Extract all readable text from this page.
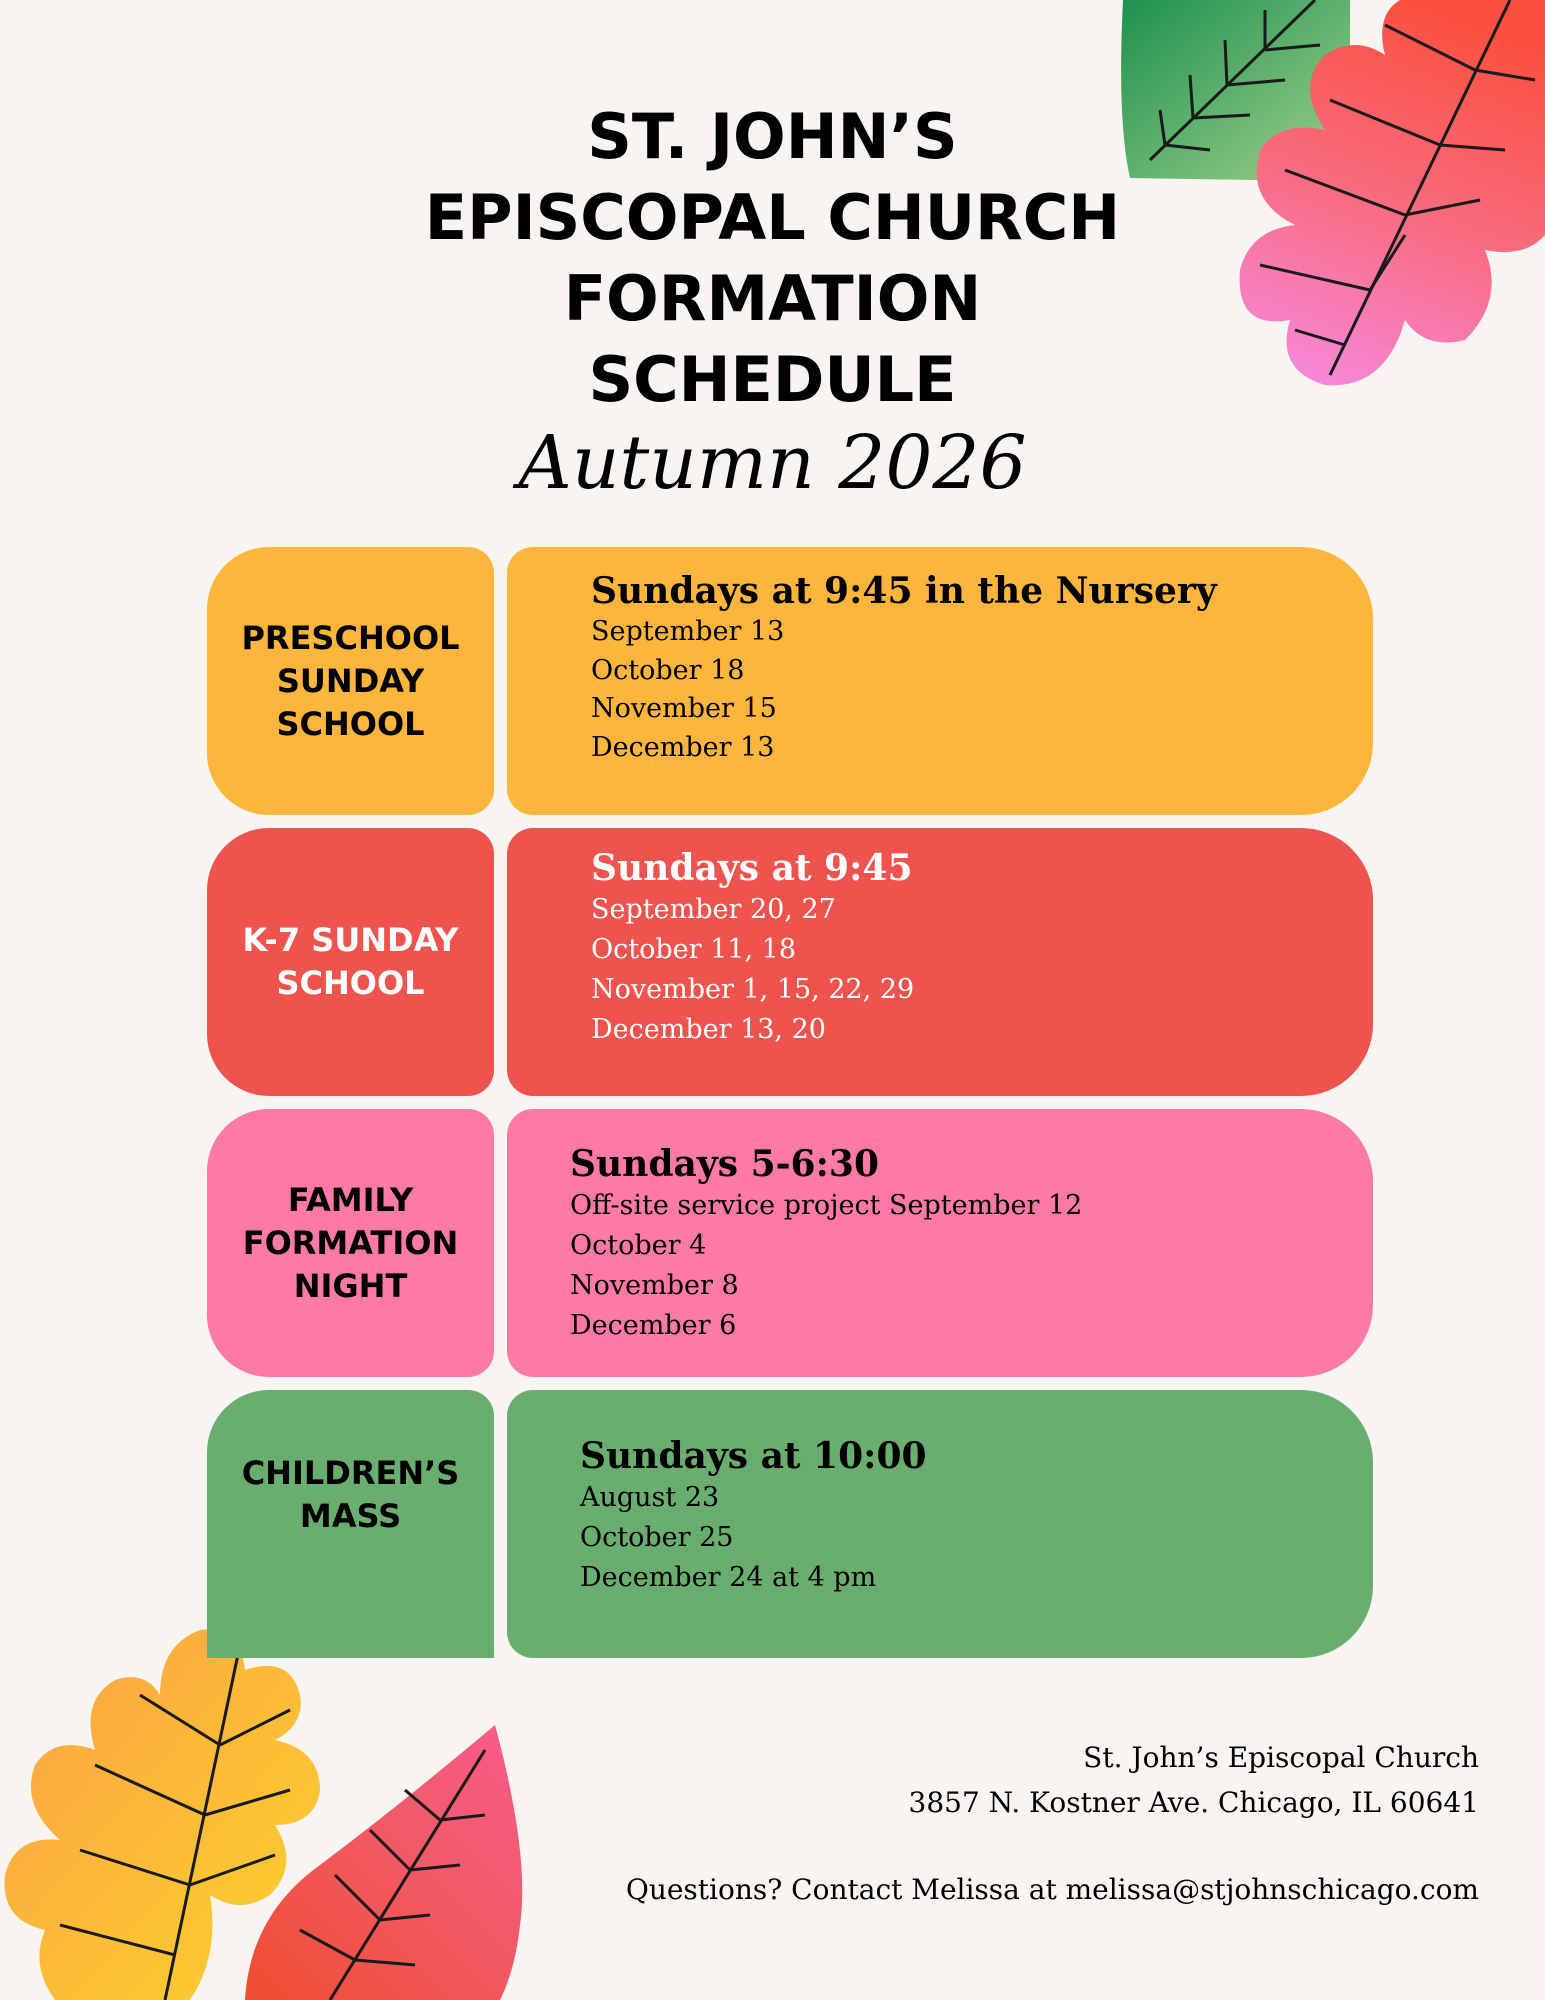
ST. JOHN’S
EPISCOPAL CHURCH
FORMATION
SCHEDULE
Autumn 2026
PRESCHOOL
SUNDAY
SCHOOL
Sundays at 9:45 in the Nursery
September 13
October 18
November 15
December 13
K-7 SUNDAY
SCHOOL
Sundays at 9:45
September 20, 27
October 11, 18
November 1, 15, 22, 29
December 13, 20
FAMILY
FORMATION
NIGHT
Sundays 5-6:30
Off-site service project September 12
October 4
November 8
December 6
CHILDREN’S
MASS
Sundays at 10:00
August 23
October 25
December 24 at 4 pm
St. John’s Episcopal Church
3857 N. Kostner Ave. Chicago, IL 60641
Questions? Contact Melissa at melissa@stjohnschicago.com
